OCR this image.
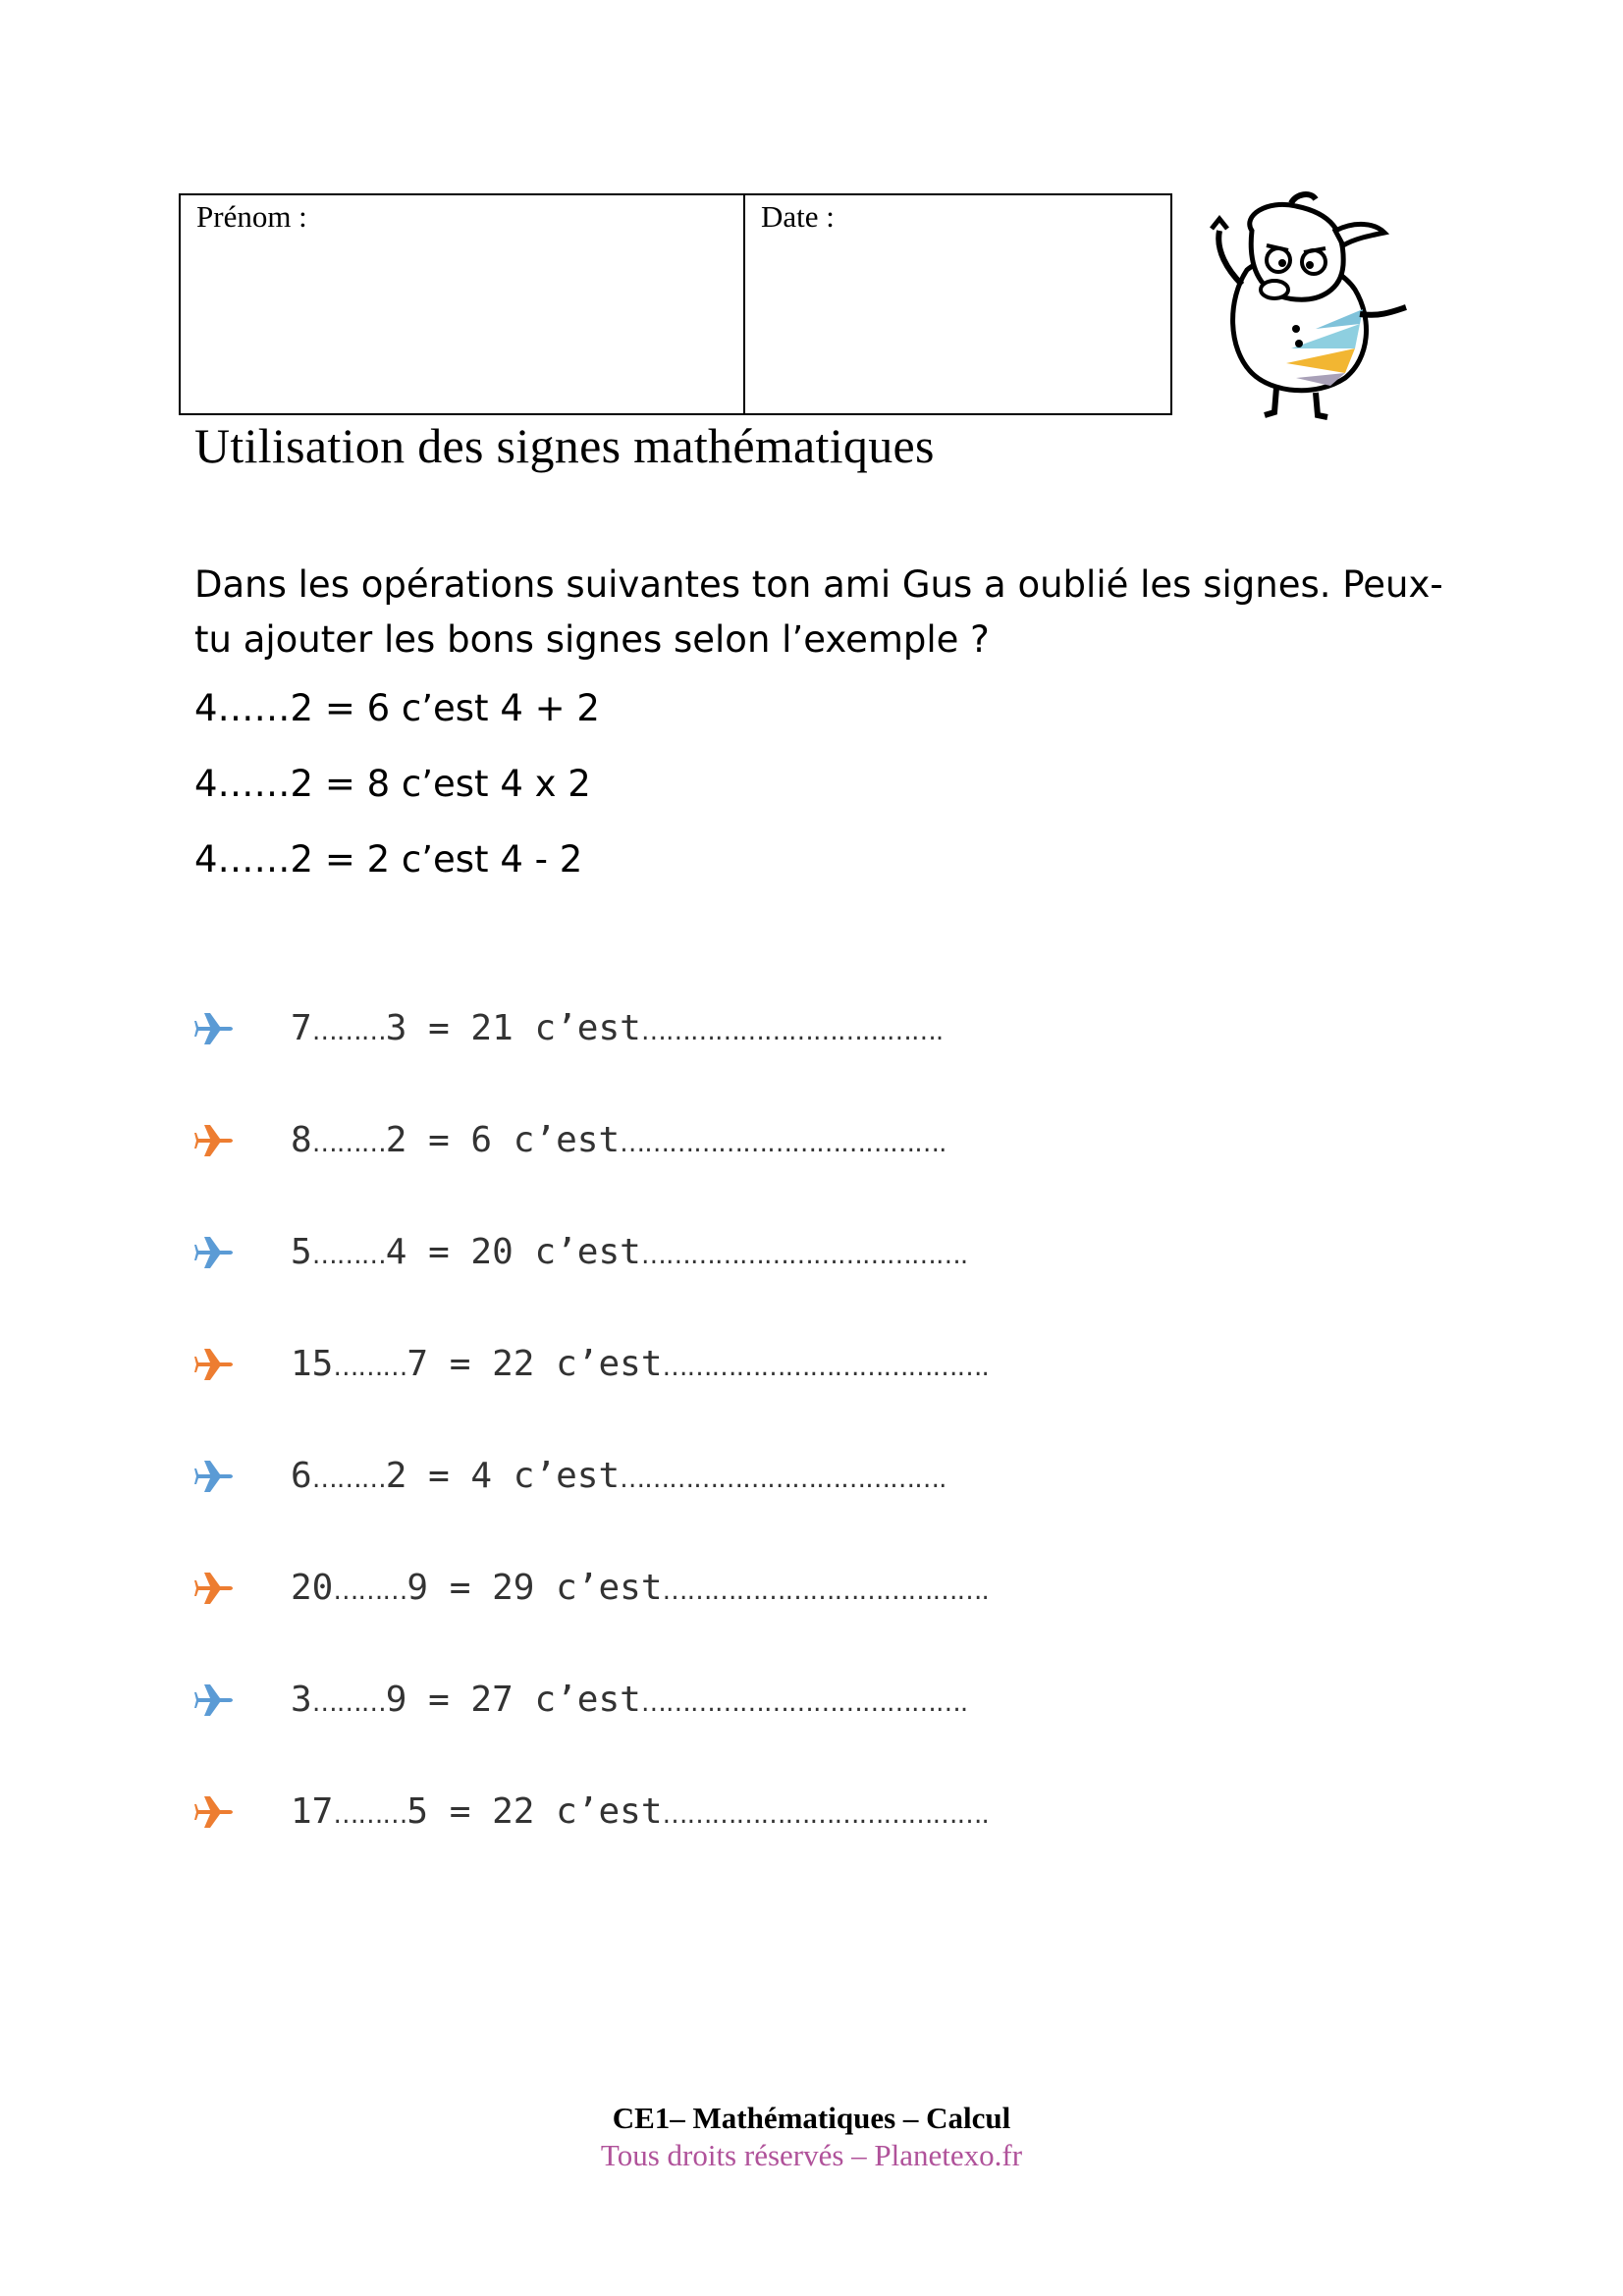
Prénom :	Date :
Utilisation des signes mathématiques
Dans les opérations suivantes ton ami Gus a oublié les signes. Peux-tu ajouter les bons signes selon l’exemple ?
4……2 = 6 c’est 4 + 2
4……2 = 8 c’est 4 x 2
4……2 = 2 c’est 4 - 2
7………3 = 21 c’est……………………………….
8………2 = 6 c’est………………………………….
5………4 = 20 c’est………………………………….
15………7 = 22 c’est………………………………….
6………2 = 4 c’est………………………………….
20………9 = 29 c’est………………………………….
3………9 = 27 c’est………………………………….
17………5 = 22 c’est………………………………….
CE1– Mathématiques – Calcul
Tous droits réservés – Planetexo.fr
